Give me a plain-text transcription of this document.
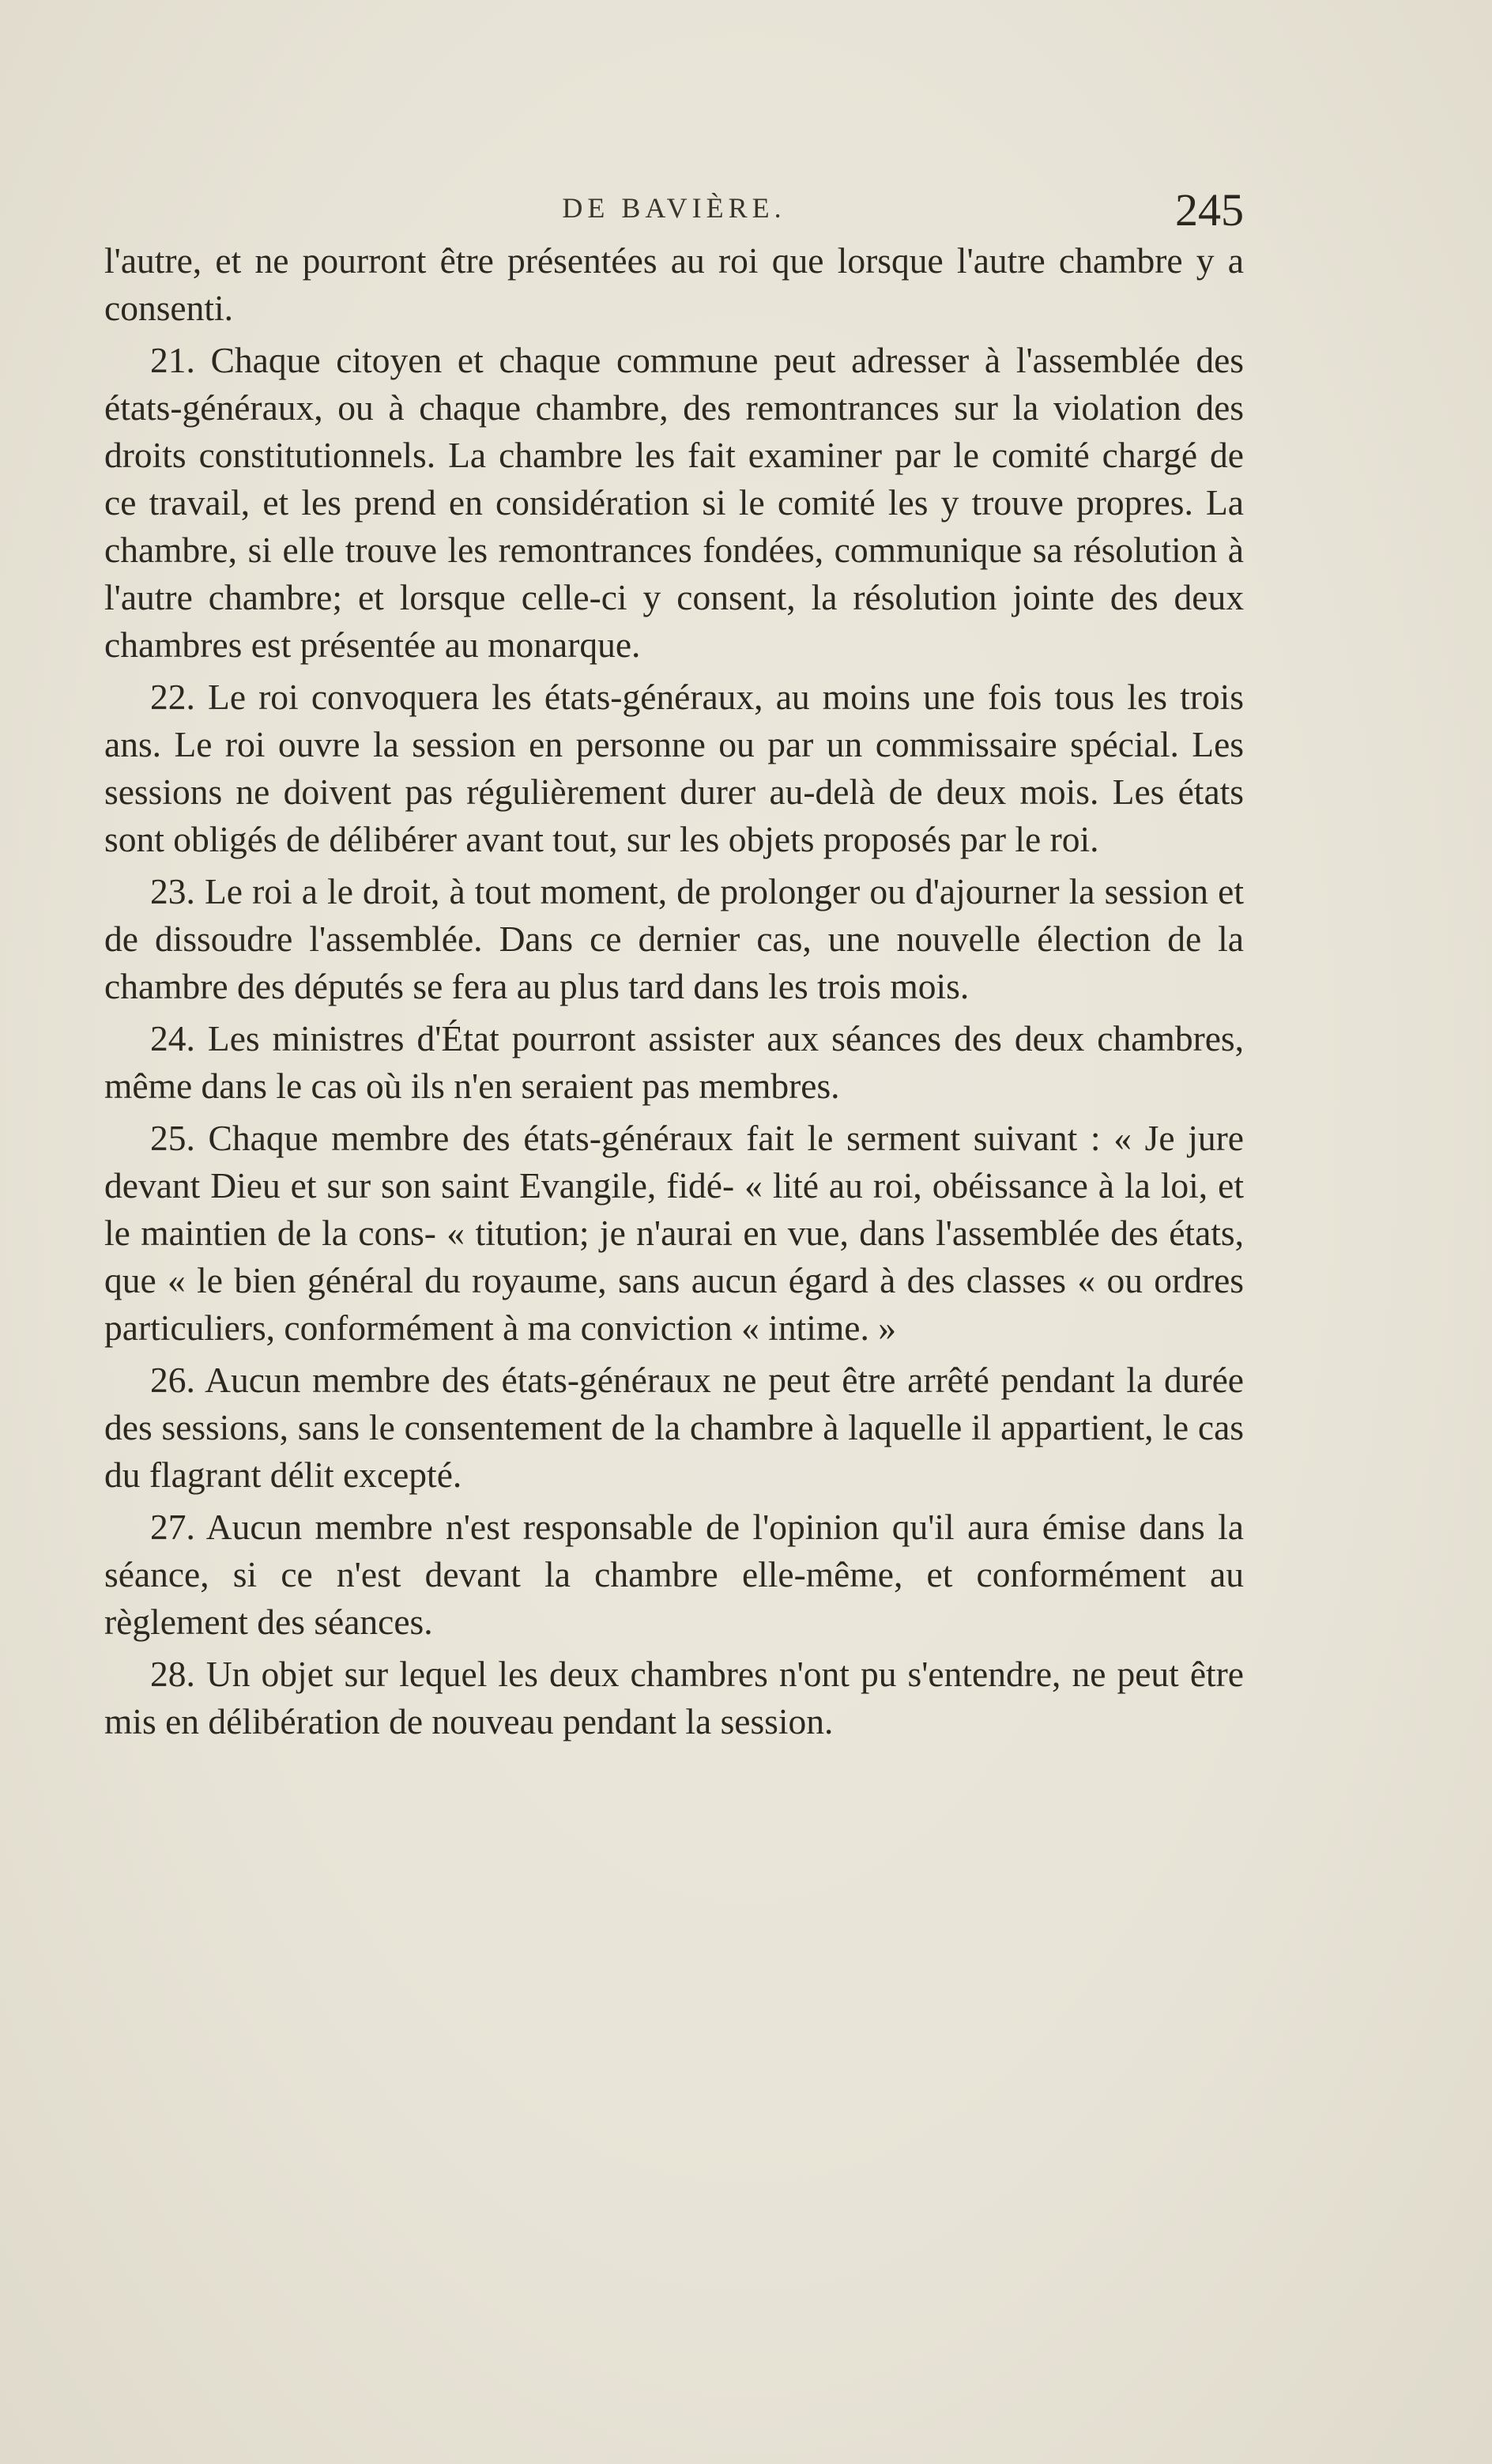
DE BAVIÈRE.	245

l'autre, et ne pourront être présentées au roi que lorsque l'autre chambre y a consenti.

21. Chaque citoyen et chaque commune peut adresser à l'assemblée des états-généraux, ou à chaque chambre, des remontrances sur la violation des droits constitutionnels. La chambre les fait examiner par le comité chargé de ce travail, et les prend en considération si le comité les y trouve propres. La chambre, si elle trouve les remontrances fondées, communique sa résolution à l'autre chambre; et lorsque celle-ci y consent, la résolution jointe des deux chambres est présentée au monarque.

22. Le roi convoquera les états-généraux, au moins une fois tous les trois ans. Le roi ouvre la session en personne ou par un commissaire spécial. Les sessions ne doivent pas régulièrement durer au-delà de deux mois. Les états sont obligés de délibérer avant tout, sur les objets proposés par le roi.

23. Le roi a le droit, à tout moment, de prolonger ou d'ajourner la session et de dissoudre l'assemblée. Dans ce dernier cas, une nouvelle élection de la chambre des députés se fera au plus tard dans les trois mois.

24. Les ministres d'État pourront assister aux séances des deux chambres, même dans le cas où ils n'en seraient pas membres.

25. Chaque membre des états-généraux fait le serment suivant : « Je jure devant Dieu et sur son saint Evangile, fidé- « lité au roi, obéissance à la loi, et le maintien de la cons- « titution; je n'aurai en vue, dans l'assemblée des états, que « le bien général du royaume, sans aucun égard à des classes « ou ordres particuliers, conformément à ma conviction « intime. »

26. Aucun membre des états-généraux ne peut être arrêté pendant la durée des sessions, sans le consentement de la chambre à laquelle il appartient, le cas du flagrant délit excepté.

27. Aucun membre n'est responsable de l'opinion qu'il aura émise dans la séance, si ce n'est devant la chambre elle-même, et conformément au règlement des séances.

28. Un objet sur lequel les deux chambres n'ont pu s'entendre, ne peut être mis en délibération de nouveau pendant la session.
